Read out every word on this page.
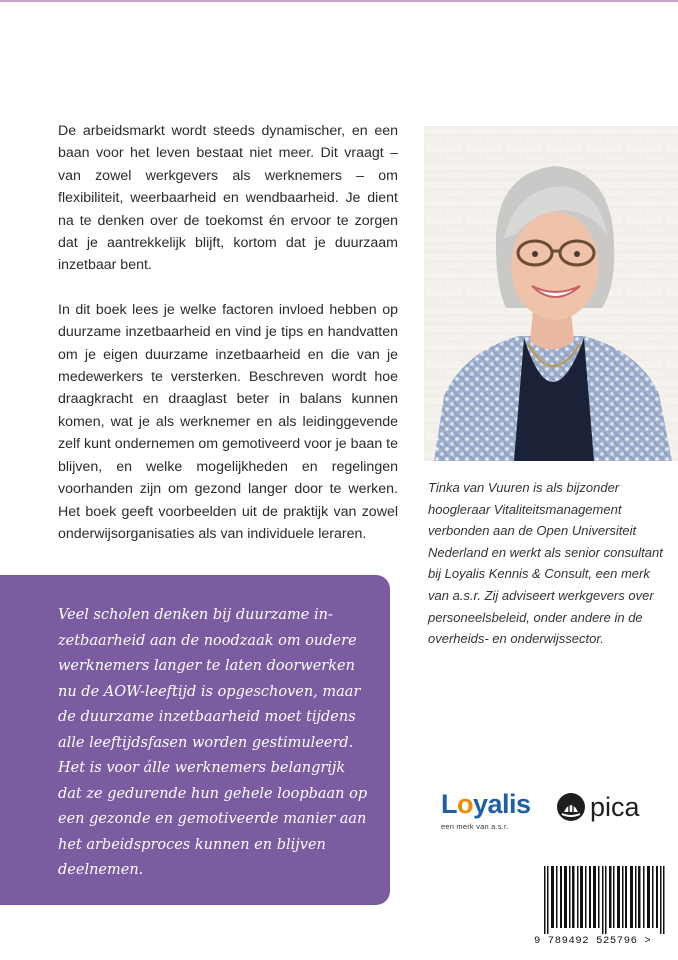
De arbeidsmarkt wordt steeds dynamischer, en een baan voor het leven bestaat niet meer. Dit vraagt – van zowel werkgevers als werknemers – om flexibiliteit, weerbaarheid en wendbaarheid. Je dient na te denken over de toekomst én ervoor te zorgen dat je aantrekkelijk blijft, kortom dat je duurzaam inzetbaar bent.

In dit boek lees je welke factoren invloed hebben op duurzame inzetbaarheid en vind je tips en handvatten om je eigen duurzame inzetbaarheid en die van je medewerkers te versterken. Beschreven wordt hoe draagkracht en draaglast beter in balans kunnen komen, wat je als werknemer en als leidinggevende zelf kunt ondernemen om gemotiveerd voor je baan te blijven, en welke mogelijkheden en regelingen voorhanden zijn om gezond langer door te werken. Het boek geeft voorbeelden uit de praktijk van zowel onderwijsorganisaties als van individuele leraren.

Tinka van Vuuren is als bijzonder hoogleraar Vitaliteitsmanagement verbonden aan de Open Universiteit Nederland en werkt als senior consultant bij Loyalis Kennis & Consult, een merk van a.s.r. Zij adviseert werkgevers over personeelsbeleid, onder andere in de overheids- en onderwijssector.
Veel scholen denken bij duurzame inzetbaarheid aan de noodzaak om oudere werknemers langer te laten doorwerken nu de AOW-leeftijd is opgeschoven, maar de duurzame inzetbaarheid moet tijdens alle leeftijdsfasen worden gestimuleerd. Het is voor álle werknemers belangrijk dat ze gedurende hun gehele loopbaan op een gezonde en gemotiveerde manier aan het arbeidsproces kunnen en blijven deelnemen.
Loyalis
een merk van a.s.r.
pica
9 789492 525796 >
